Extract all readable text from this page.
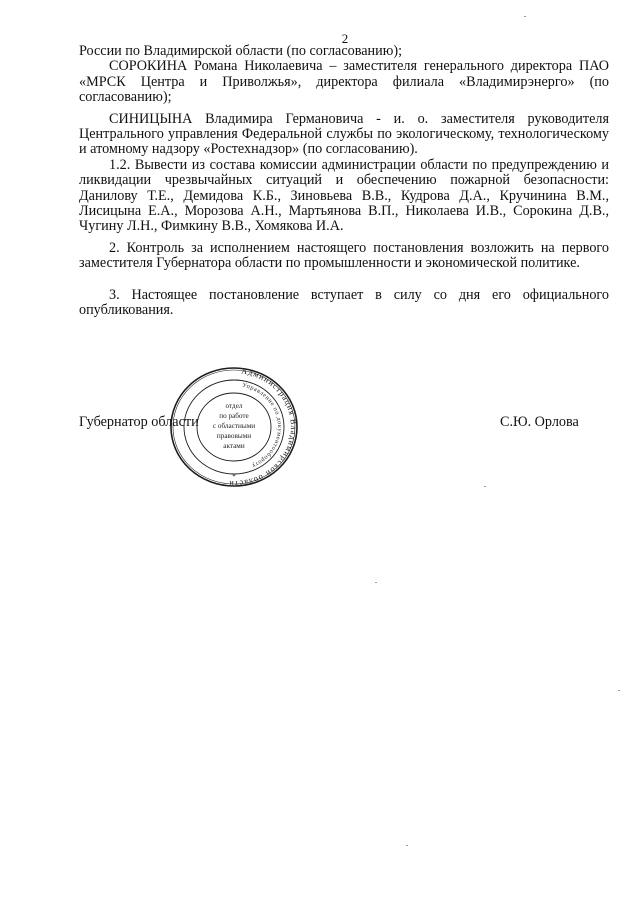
2

России по Владимирской области (по согласованию);

СОРОКИНА Романа Николаевича – заместителя генерального директора ПАО «МРСК Центра и Приволжья», директора филиала «Владимирэнерго» (по согласованию);

СИНИЦЫНА Владимира Германовича - и. о. заместителя руководителя Центрального управления Федеральной службы по экологическому, технологическому и атомному надзору «Ростехнадзор» (по согласованию).

1.2. Вывести из состава комиссии администрации области по предупреждению и ликвидации чрезвычайных ситуаций и обеспечению пожарной безопасности: Данилову Т.Е., Демидова К.Б., Зиновьева В.В., Кудрова Д.А., Кручинина В.М., Лисицына Е.А., Морозова А.Н., Мартьянова В.П., Николаева И.В., Сорокина Д.В., Чугину Л.Н., Фимкину В.В., Хомякова И.А.

2. Контроль за исполнением настоящего постановления возложить на первого заместителя Губернатора области по промышленности и экономической политике.

3. Настоящее постановление вступает в силу со дня его официального опубликования.

Губернатор области	С.Ю. Орлова
Администрация Владимирской области
Управление по документообороту
отдел
по работе
с областными
правовыми
актами
*
